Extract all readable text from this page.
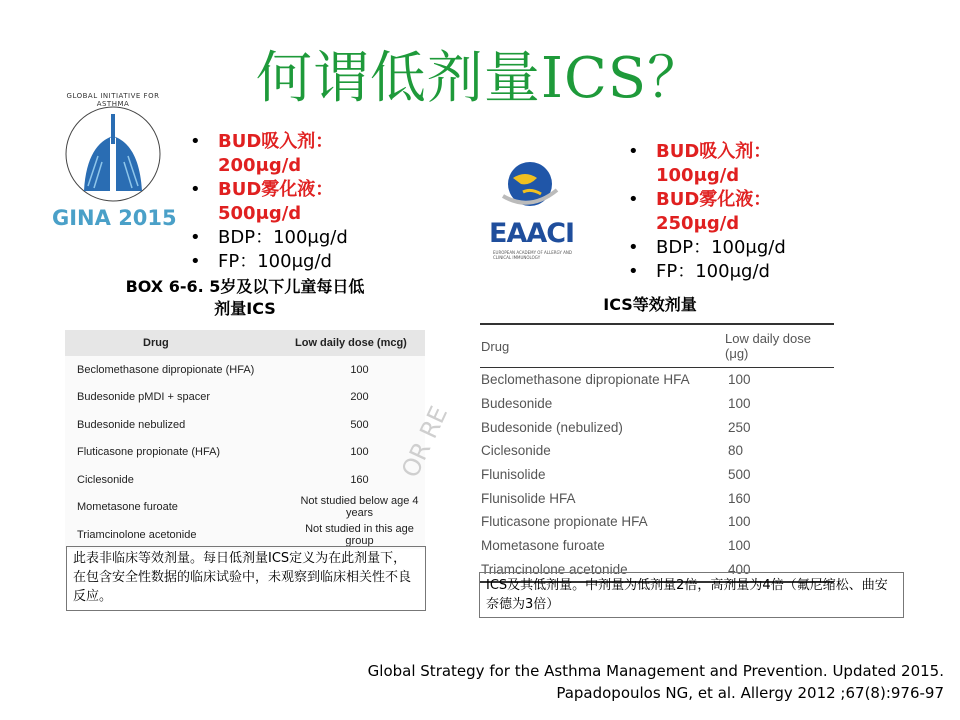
何谓低剂量ICS？
GLOBAL INITIATIVE FOR ASTHMA
GINA 2015
• BUD吸入剂：200μg/d
• BUD雾化液：500μg/d
• BDP：100μg/d
• FP：100μg/d
BOX 6-6. 5岁及以下儿童每日低
剂量ICS
Drug	Low daily dose (mcg)
Beclomethasone dipropionate (HFA)	100
Budesonide pMDI + spacer	200
Budesonide nebulized	500
Fluticasone propionate (HFA)	100
Ciclesonide	160
Mometasone furoate	Not studied below age 4 years
Triamcinolone acetonide	Not studied in this age group
OR RE
此表非临床等效剂量。每日低剂量ICS定义为在此剂量下，在包含安全性数据的临床试验中，未观察到临床相关性不良反应。
EAACI
EUROPEAN ACADEMY OF ALLERGY AND CLINICAL IMMUNOLOGY
• BUD吸入剂：100μg/d
• BUD雾化液：250μg/d
• BDP：100μg/d
• FP：100μg/d
ICS等效剂量
Drug	Low daily dose (μg)
Beclomethasone dipropionate HFA	100
Budesonide	100
Budesonide (nebulized)	250
Ciclesonide	80
Flunisolide	500
Flunisolide HFA	160
Fluticasone propionate HFA	100
Mometasone furoate	100
Triamcinolone acetonide	400
ICS及其低剂量。中剂量为低剂量2倍，高剂量为4倍（氟尼缩松、曲安奈德为3倍）
Global Strategy for the Asthma Management and Prevention. Updated 2015.
Papadopoulos NG, et al. Allergy 2012 ;67(8):976-97
